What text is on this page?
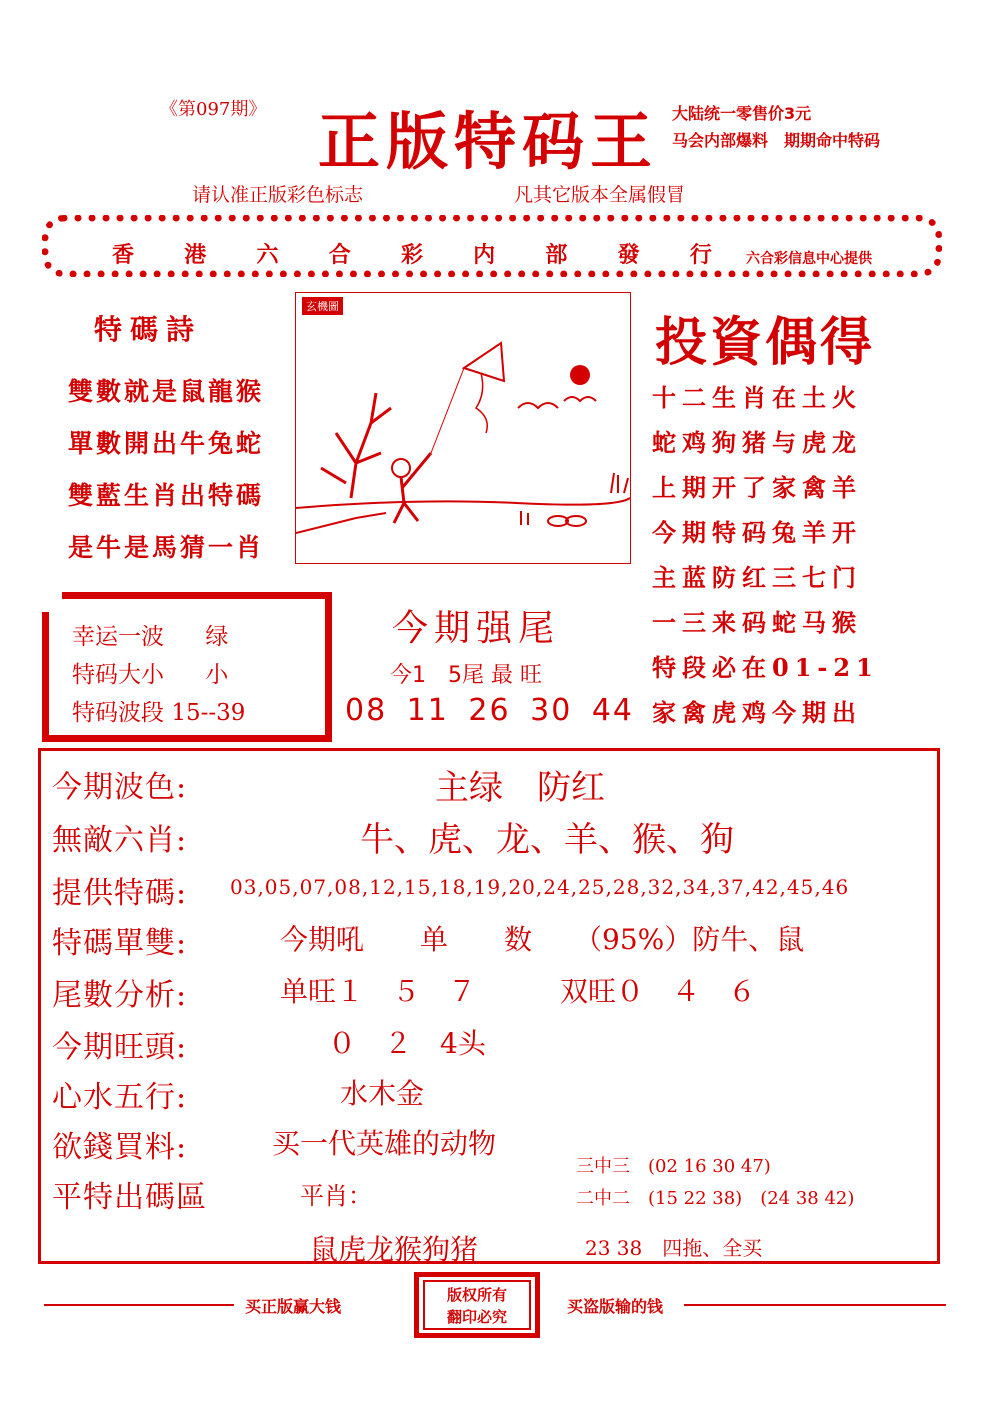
《第097期》 正版特码王 大陆统一零售价3元
马会内部爆料　期期命中特码
请认准正版彩色标志	凡其它版本全属假冒
香 港 六 合 彩 内 部 發 行 六合彩信息中心提供
特碼詩
雙數就是鼠龍猴
單數開出牛兔蛇
雙藍生肖出特碼
是牛是馬猜一肖
玄機圖
投資偶得
十二生肖在土火
蛇鸡狗猪与虎龙
上期开了家禽羊
今期特码兔羊开
主蓝防红三七门
一三来码蛇马猴
特段必在01-21
家禽虎鸡今期出
幸运一波 绿
特码大小 小
特码波段 15--39
今期强尾
今1　5尾 最 旺
08 11 26 30 44
今期波色:	主绿　防红
無敵六肖:	牛、虎、龙、羊、猴、狗
提供特碼: 03,05,07,08,12,15,18,19,20,24,25,28,32,34,37,42,45,46
特碼單雙:	今期吼　　单　　数　　（95%）防牛、鼠
尾數分析:	单旺１　５　７　　　双旺０　４　６
今期旺頭:	０　２　4头
心水五行:	水木金
欲錢買料:	买一代英雄的动物
平特出碼區	平肖：
鼠虎龙猴狗猪
三中三　(02 16 30 47)
二中二　(15 22 38)　(24 38 42)
23 38　四拖、全买
买正版赢大钱
版权所有
翻印必究
买盗版输的钱
